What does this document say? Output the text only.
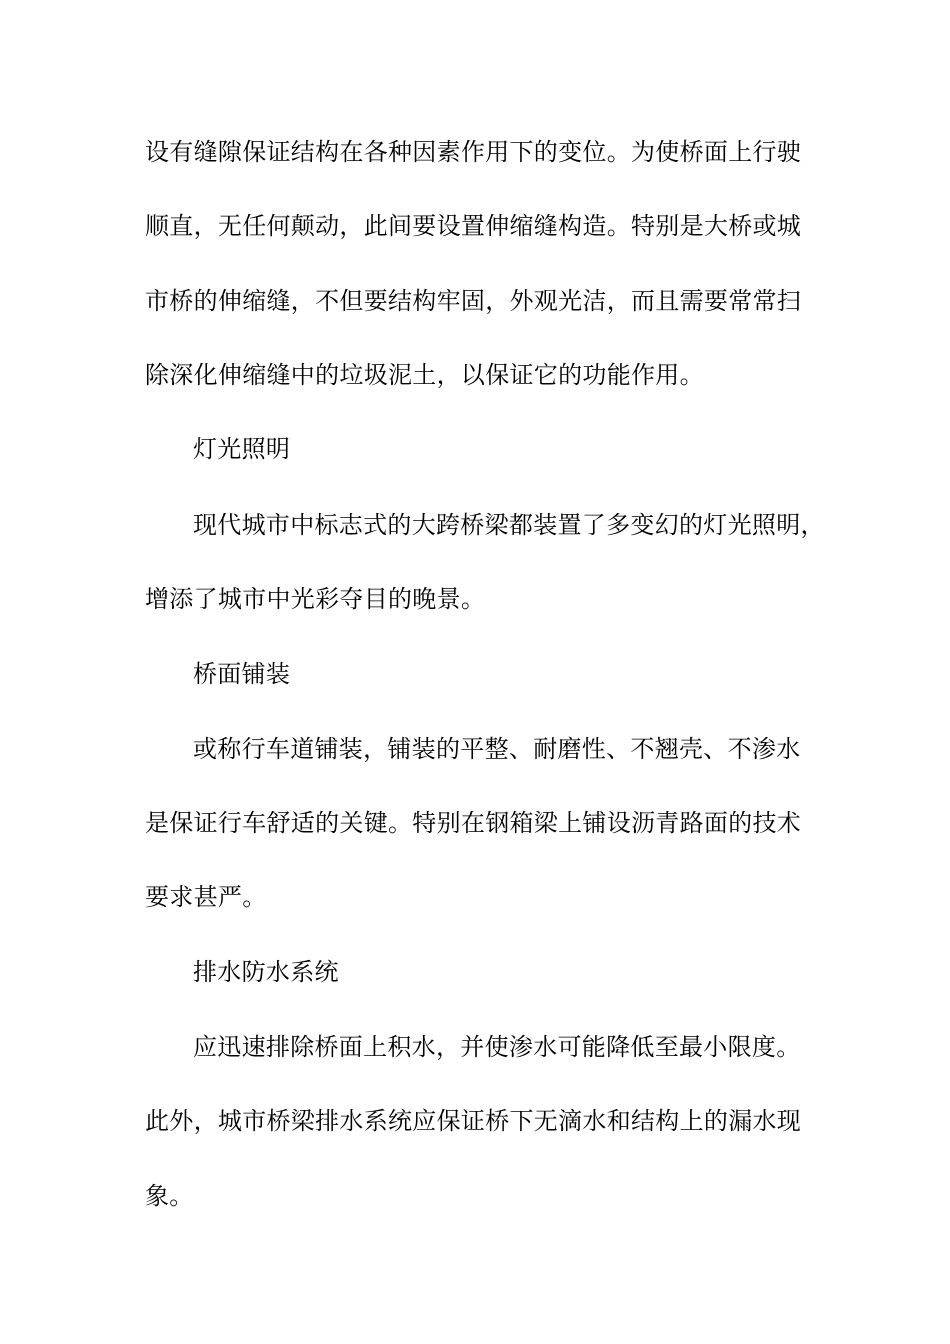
设有缝隙保证结构在各种因素作用下的变位。为使桥面上行驶
顺直，无任何颠动，此间要设置伸缩缝构造。特别是大桥或城
市桥的伸缩缝，不但要结构牢固，外观光洁，而且需要常常扫
除深化伸缩缝中的垃圾泥土，以保证它的功能作用。
灯光照明
现代城市中标志式的大跨桥梁都装置了多变幻的灯光照明，
增添了城市中光彩夺目的晚景。
桥面铺装
或称行车道铺装，铺装的平整、耐磨性、不翘壳、不渗水
是保证行车舒适的关键。特别在钢箱梁上铺设沥青路面的技术
要求甚严。
排水防水系统
应迅速排除桥面上积水，并使渗水可能降低至最小限度。
此外，城市桥梁排水系统应保证桥下无滴水和结构上的漏水现
象。
